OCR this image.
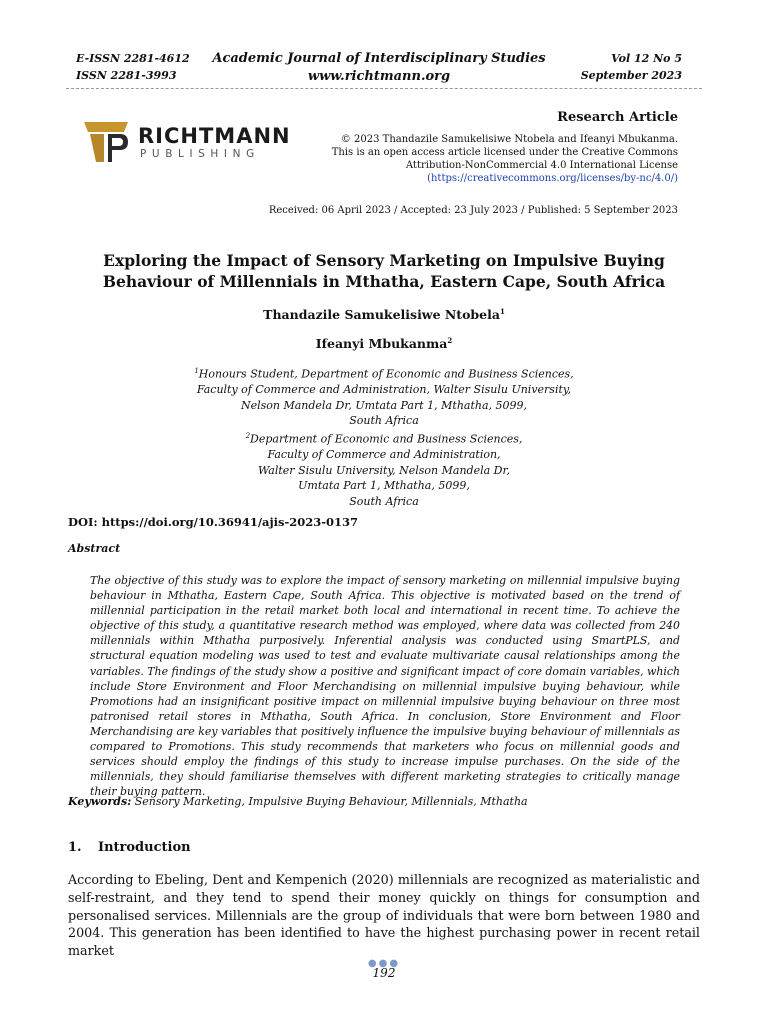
E-ISSN 2281-4612
ISSN 2281-3993
Academic Journal of Interdisciplinary Studies
www.richtmann.org
Vol 12 No 5
September 2023
RICHTMANN
PUBLISHING
Research Article
© 2023 Thandazile Samukelisiwe Ntobela and Ifeanyi Mbukanma.
This is an open access article licensed under the Creative Commons
Attribution-NonCommercial 4.0 International License
(https://creativecommons.org/licenses/by-nc/4.0/)
Received: 06 April 2023 / Accepted: 23 July 2023 / Published: 5 September 2023
Exploring the Impact of Sensory Marketing on Impulsive Buying
Behaviour of Millennials in Mthatha, Eastern Cape, South Africa
Thandazile Samukelisiwe Ntobela$^1$
Ifeanyi Mbukanma$^2$
$^1$Honours Student, Department of Economic and Business Sciences,
Faculty of Commerce and Administration, Walter Sisulu University,
Nelson Mandela Dr, Umtata Part 1, Mthatha, 5099,
South Africa
$^2$Department of Economic and Business Sciences,
Faculty of Commerce and Administration,
Walter Sisulu University, Nelson Mandela Dr,
Umtata Part 1, Mthatha, 5099,
South Africa
DOI: https://doi.org/10.36941/ajis-2023-0137
Abstract
The objective of this study was to explore the impact of sensory marketing on millennial impulsive buying behaviour in Mthatha, Eastern Cape, South Africa. This objective is motivated based on the trend of millennial participation in the retail market both local and international in recent time. To achieve the objective of this study, a quantitative research method was employed, where data was collected from 240 millennials within Mthatha purposively. Inferential analysis was conducted using SmartPLS, and structural equation modeling was used to test and evaluate multivariate causal relationships among the variables. The findings of the study show a positive and significant impact of core domain variables, which include Store Environment and Floor Merchandising on millennial impulsive buying behaviour, while Promotions had an insignificant positive impact on millennial impulsive buying behaviour on three most patronised retail stores in Mthatha, South Africa. In conclusion, Store Environment and Floor Merchandising are key variables that positively influence the impulsive buying behaviour of millennials as compared to Promotions. This study recommends that marketers who focus on millennial goods and services should employ the findings of this study to increase impulse purchases. On the side of the millennials, they should familiarise themselves with different marketing strategies to critically manage their buying pattern.
Keywords: Sensory Marketing, Impulsive Buying Behaviour, Millennials, Mthatha
1. Introduction
According to Ebeling, Dent and Kempenich (2020) millennials are recognized as materialistic and self-restraint, and they tend to spend their money quickly on things for consumption and personalised services. Millennials are the group of individuals that were born between 1980 and 2004. This generation has been identified to have the highest purchasing power in recent retail market
●●●
192
